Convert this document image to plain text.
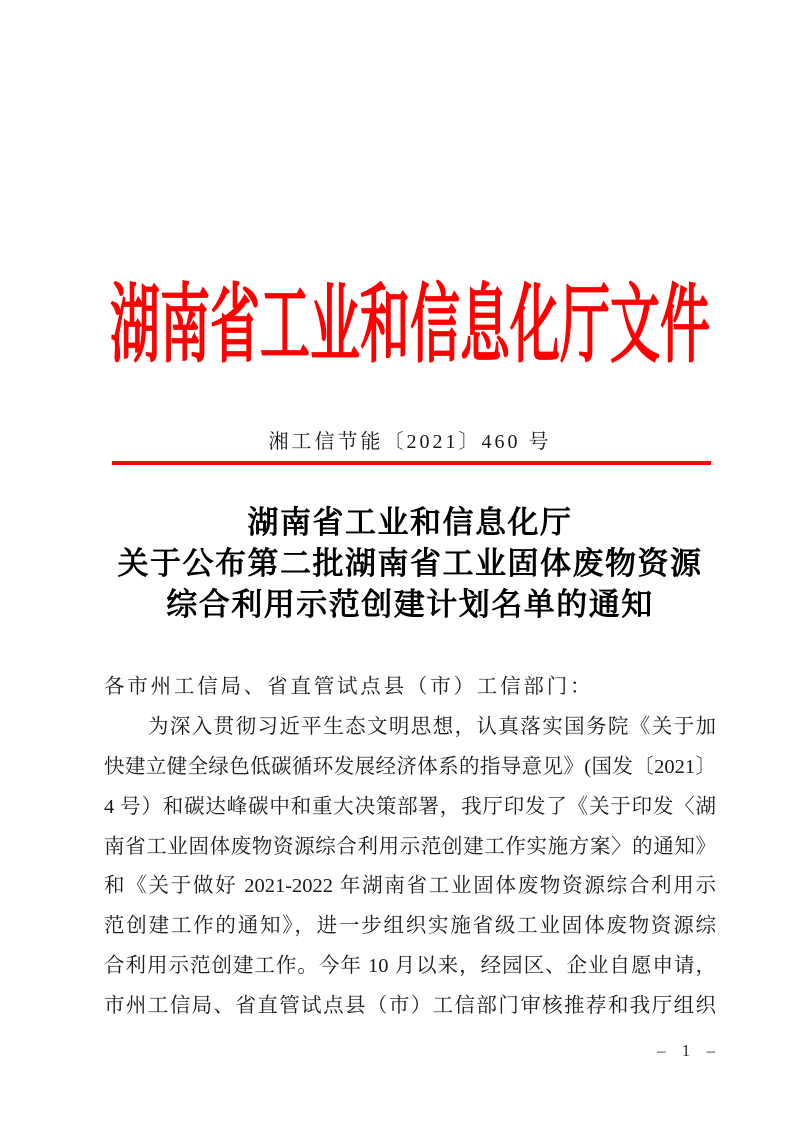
湖南省工业和信息化厅文件
湘工信节能〔2021〕460 号
湖南省工业和信息化厅
关于公布第二批湖南省工业固体废物资源
综合利用示范创建计划名单的通知
各市州工信局、省直管试点县（市）工信部门：
为深入贯彻习近平生态文明思想，认真落实国务院《关于加
快建立健全绿色低碳循环发展经济体系的指导意见》(国发〔2021〕
4 号）和碳达峰碳中和重大决策部署，我厅印发了《关于印发〈湖
南省工业固体废物资源综合利用示范创建工作实施方案〉的通知》
和《关于做好 2021-2022 年湖南省工业固体废物资源综合利用示
范创建工作的通知》，进一步组织实施省级工业固体废物资源综
合利用示范创建工作。今年 10 月以来，经园区、企业自愿申请，
市州工信局、省直管试点县（市）工信部门审核推荐和我厅组织
– 1 –
